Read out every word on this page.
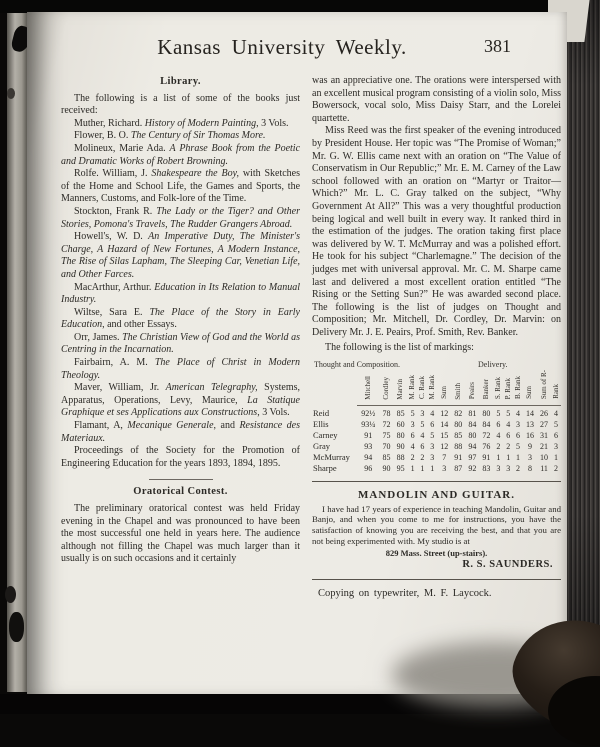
Kansas University Weekly.	381

Library.

The following is a list of some of the books just received:

Muther, Richard. History of Modern Painting, 3 Vols.

Flower, B. O. The Century of Sir Thomas More.

Molineux, Marie Ada. A Phrase Book from the Poetic and Dramatic Works of Robert Browning.

Rolfe. William, J. Shakespeare the Boy, with Sketches of the Home and School Life, the Games and Sports, the Manners, Customs, and Folk-lore of the Time.

Stockton, Frank R. The Lady or the Tiger? and Other Stories, Pomona's Travels, The Rudder Grangers Abroad.

Howell's, W. D. An Imperative Duty, The Minister's Charge, A Hazard of New Fortunes, A Modern Instance, The Rise of Silas Lapham, The Sleeping Car, Venetian Life, and Other Farces.

MacArthur, Arthur. Education in Its Relation to Manual Industry.

Wiltse, Sara E. The Place of the Story in Early Education, and other Essays.

Orr, James. The Christian View of God and the World as Centring in the Incarnation.

Fairbairn, A. M. The Place of Christ in Modern Theology.

Maver, William, Jr. American Telegraphy, Systems, Apparatus, Operations, Levy, Maurice, La Statique Graphique et ses Applications aux Constructions, 3 Vols.

Flamant, A, Mecanique Generale, and Resistance des Materiaux.

Proceedings of the Society for the Promotion of Engineering Education for the years 1893, 1894, 1895.

Oratorical Contest.

The preliminary oratorical contest was held Friday evening in the Chapel and was pronounced to have been the most successful one held in years here. The audience although not filling the Chapel was much larger than it usually is on such occasions and it certainly

was an appreciative one. The orations were interspersed with an excellent musical program consisting of a violin solo, Miss Bowersock, vocal solo, Miss Daisy Starr, and the Lorelei quartette.

Miss Reed was the first speaker of the evening introduced by President House. Her topic was “The Promise of Woman;” Mr. G. W. Ellis came next with an oration on “The Value of Conservatism in Our Republic;” Mr. E. M. Carney of the Law school followed with an oration on “Martyr or Traitor—Which?” Mr. L. C. Gray talked on the subject, “Why Government At All?” This was a very thoughtful production being logical and well built in every way. It ranked third in the estimation of the judges. The oration taking first place was delivered by W. T. McMurray and was a polished effort. He took for his subject “Charlemagne.” The decision of the judges met with universal approval. Mr. C. M. Sharpe came last and delivered a most excellent oration entitled “The Rising or the Setting Sun?” He was awarded second place. The following is the list of judges on Thought and Composition; Mr. Mitchell, Dr. Cordley, Dr. Marvin: on Delivery Mr. J. E. Peairs, Prof. Smith, Rev. Banker.

The following is the list of markings:

Thought and Composition.	Delivery.
	Mitchell	Cordley	Marvin	M. Rank	C. Rank	M. Rank	Sum	Smith	Peairs	Banker	S. Rank	P. Rank	B. Rank	Sum	Sum of R-	Rank
Reid	92½	78	85	5	3	4	12	82	81	80	5	5	4	14	26	4
Ellis	93¼	72	60	3	5	6	14	80	84	84	6	4	3	13	27	5
Carney	91	75	80	6	4	5	15	85	80	72	4	6	6	16	31	6
Gray	93	70	90	4	6	3	12	88	94	76	2	2	5	9	21	3
McMurray	94	85	88	2	2	3	7	91	97	91	1	1	1	3	10	1
Sharpe	96	90	95	1	1	1	3	87	92	83	3	3	2	8	11	2

MANDOLIN AND GUITAR.

I have had 17 years of experience in teaching Mandolin, Guitar and Banjo, and when you come to me for instructions, you have the satisfaction of knowing you are receiving the best, and that you are not being experimented with. My studio is at

829 Mass. Street (up-stairs).

R. S. SAUNDERS.

Copying on typewriter, M. F. Laycock.
